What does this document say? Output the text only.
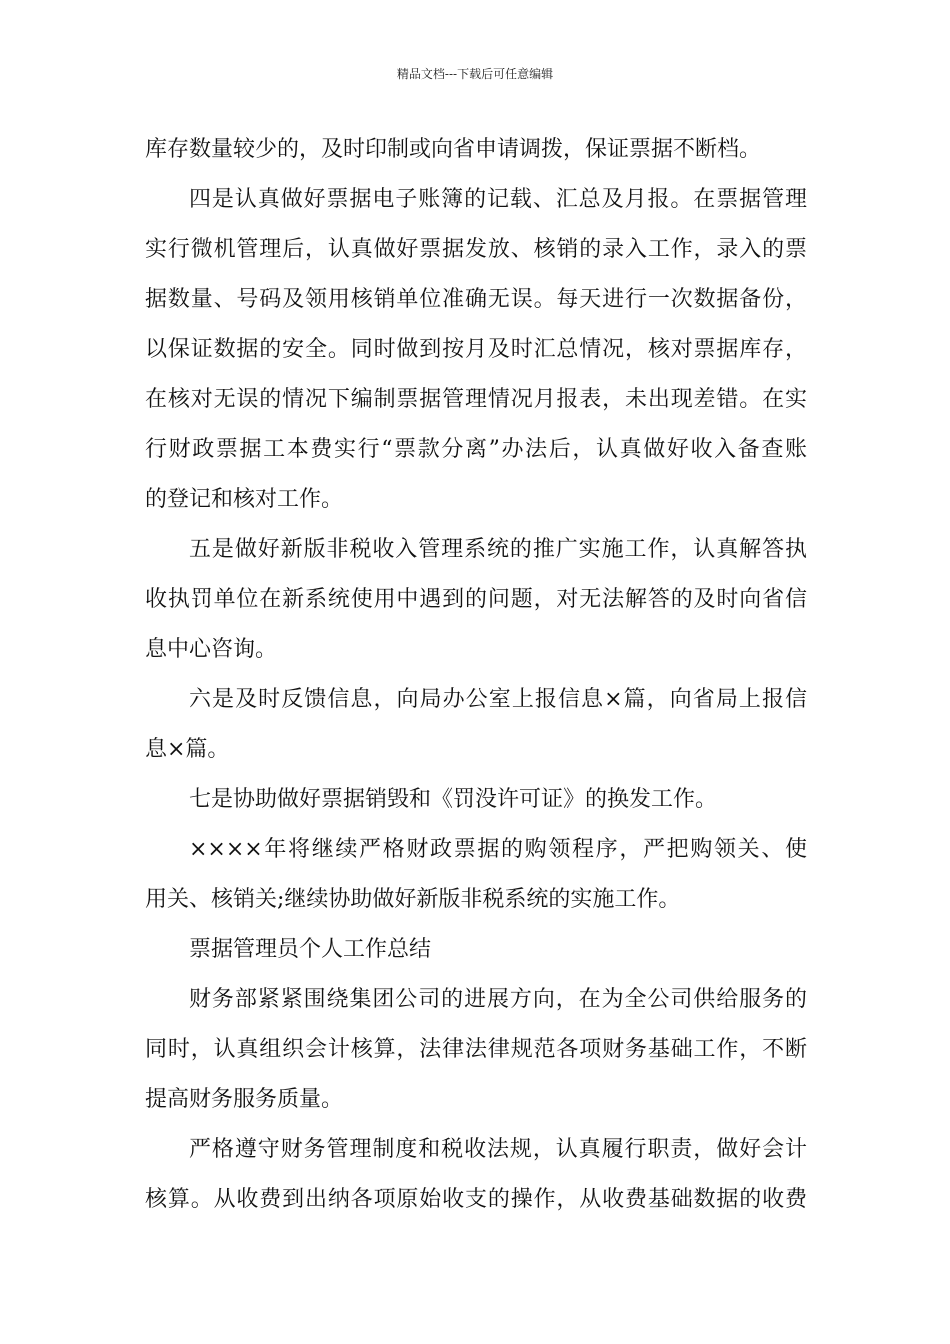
精品文档---下载后可任意编辑
库存数量较少的，及时印制或向省申请调拨，保证票据不断档。
四是认真做好票据电子账簿的记载、汇总及月报。在票据管理
实行微机管理后，认真做好票据发放、核销的录入工作，录入的票
据数量、号码及领用核销单位准确无误。每天进行一次数据备份，
以保证数据的安全。同时做到按月及时汇总情况，核对票据库存，
在核对无误的情况下编制票据管理情况月报表，未出现差错。在实
行财政票据工本费实行“票款分离”办法后，认真做好收入备查账
的登记和核对工作。
五是做好新版非税收入管理系统的推广实施工作，认真解答执
收执罚单位在新系统使用中遇到的问题，对无法解答的及时向省信
息中心咨询。
六是及时反馈信息，向局办公室上报信息×篇，向省局上报信
息×篇。
七是协助做好票据销毁和《罚没许可证》的换发工作。
××××年将继续严格财政票据的购领程序，严把购领关、使
用关、核销关;继续协助做好新版非税系统的实施工作。
票据管理员个人工作总结
财务部紧紧围绕集团公司的进展方向，在为全公司供给服务的
同时，认真组织会计核算，法律法律规范各项财务基础工作，不断
提高财务服务质量。
严格遵守财务管理制度和税收法规，认真履行职责，做好会计
核算。从收费到出纳各项原始收支的操作，从收费基础数据的收费
